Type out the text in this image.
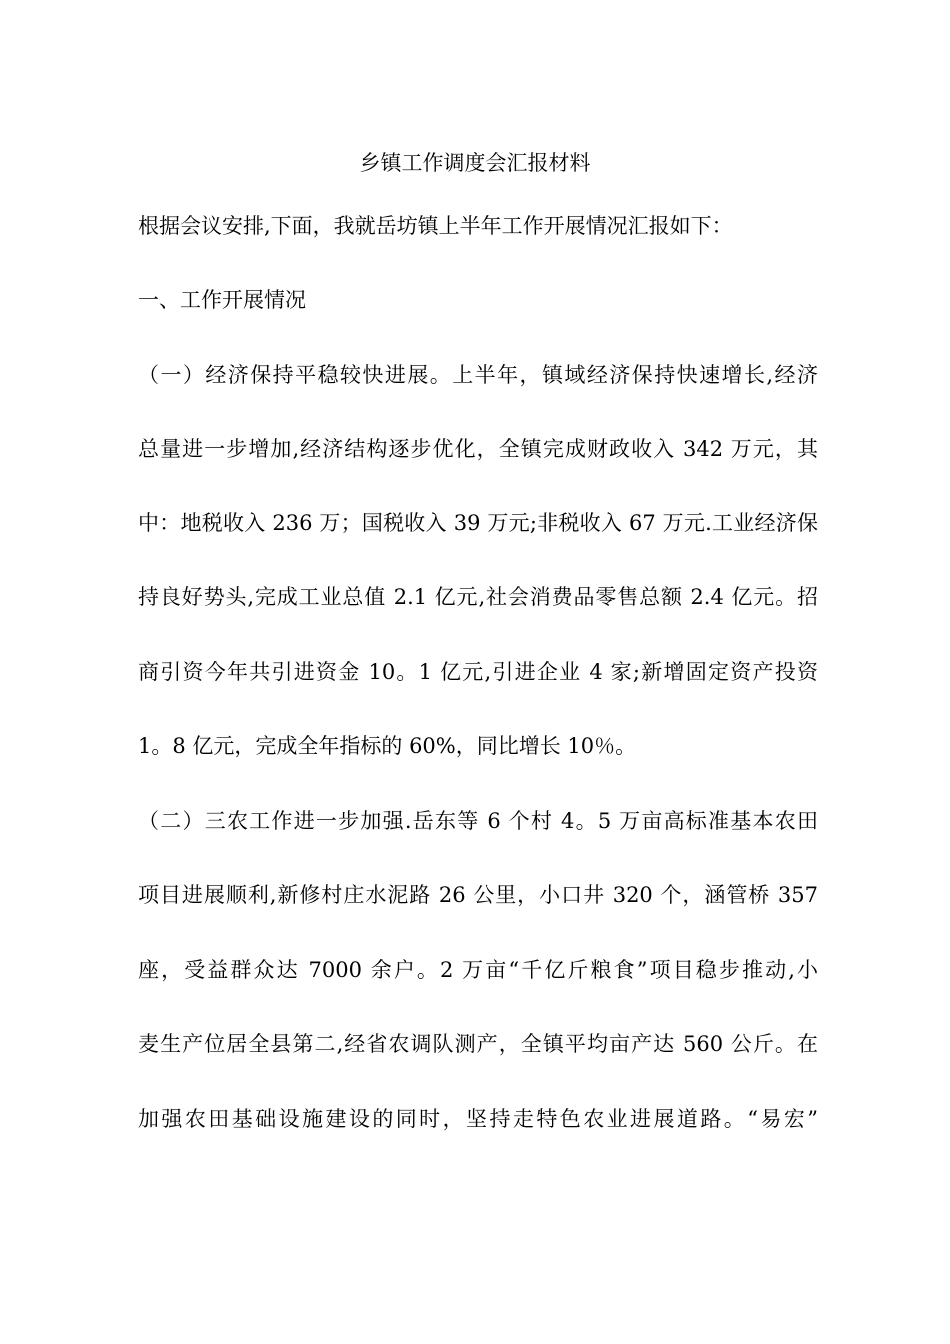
乡镇工作调度会汇报材料
根据会议安排,下面，我就岳坊镇上半年工作开展情况汇报如下：
一、工作开展情况
（一）经济保持平稳较快进展。上半年，镇域经济保持快速增长,经济
总量进一步增加,经济结构逐步优化，全镇完成财政收入 342 万元，其
中：地税收入 236 万；国税收入 39 万元;非税收入 67 万元.工业经济保
持良好势头,完成工业总值 2.1 亿元,社会消费品零售总额 2.4 亿元。招
商引资今年共引进资金 10。1 亿元,引进企业 4 家;新增固定资产投资
1。8 亿元，完成全年指标的 60%，同比增长 10％。
（二）三农工作进一步加强.岳东等 6 个村 4。5 万亩高标准基本农田
项目进展顺利,新修村庄水泥路 26 公里，小口井 320 个，涵管桥 357
座，受益群众达 7000 余户。2 万亩“千亿斤粮食”项目稳步推动,小
麦生产位居全县第二,经省农调队测产，全镇平均亩产达 560 公斤。在
加强农田基础设施建设的同时，坚持走特色农业进展道路。“易宏”
